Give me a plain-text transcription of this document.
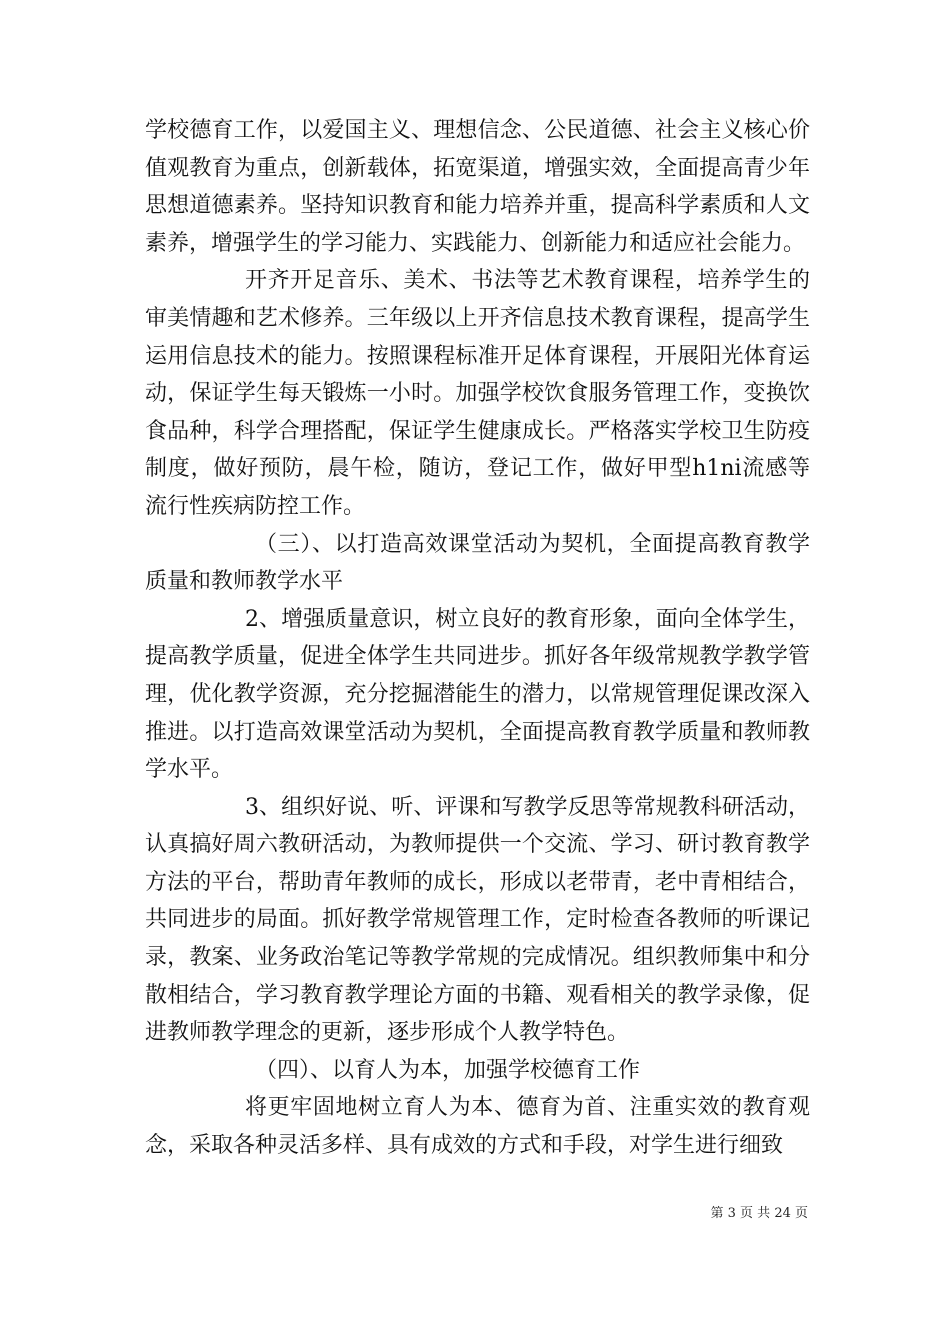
学校德育工作，以爱国主义、理想信念、公民道德、社会主义核心价值观教育为重点，创新载体，拓宽渠道，增强实效，全面提高青少年思想道德素养。坚持知识教育和能力培养并重，提高科学素质和人文素养，增强学生的学习能力、实践能力、创新能力和适应社会能力。

开齐开足音乐、美术、书法等艺术教育课程，培养学生的审美情趣和艺术修养。三年级以上开齐信息技术教育课程，提高学生运用信息技术的能力。按照课程标准开足体育课程，开展阳光体育运动，保证学生每天锻炼一小时。加强学校饮食服务管理工作，变换饮食品种，科学合理搭配，保证学生健康成长。严格落实学校卫生防疫制度，做好预防，晨午检，随访，登记工作，做好甲型h1ni流感等流行性疾病防控工作。

（三）、以打造高效课堂活动为契机，全面提高教育教学质量和教师教学水平

2、增强质量意识，树立良好的教育形象，面向全体学生，提高教学质量，促进全体学生共同进步。抓好各年级常规教学教学管理，优化教学资源，充分挖掘潜能生的潜力，以常规管理促课改深入推进。以打造高效课堂活动为契机，全面提高教育教学质量和教师教学水平。

3、组织好说、听、评课和写教学反思等常规教科研活动，认真搞好周六教研活动，为教师提供一个交流、学习、研讨教育教学方法的平台，帮助青年教师的成长，形成以老带青，老中青相结合，共同进步的局面。抓好教学常规管理工作，定时检查各教师的听课记录，教案、业务政治笔记等教学常规的完成情况。组织教师集中和分散相结合，学习教育教学理论方面的书籍、观看相关的教学录像，促进教师教学理念的更新，逐步形成个人教学特色。

（四）、以育人为本，加强学校德育工作

将更牢固地树立育人为本、德育为首、注重实效的教育观念，采取各种灵活多样、具有成效的方式和手段，对学生进行细致

第 3 页 共 24 页
